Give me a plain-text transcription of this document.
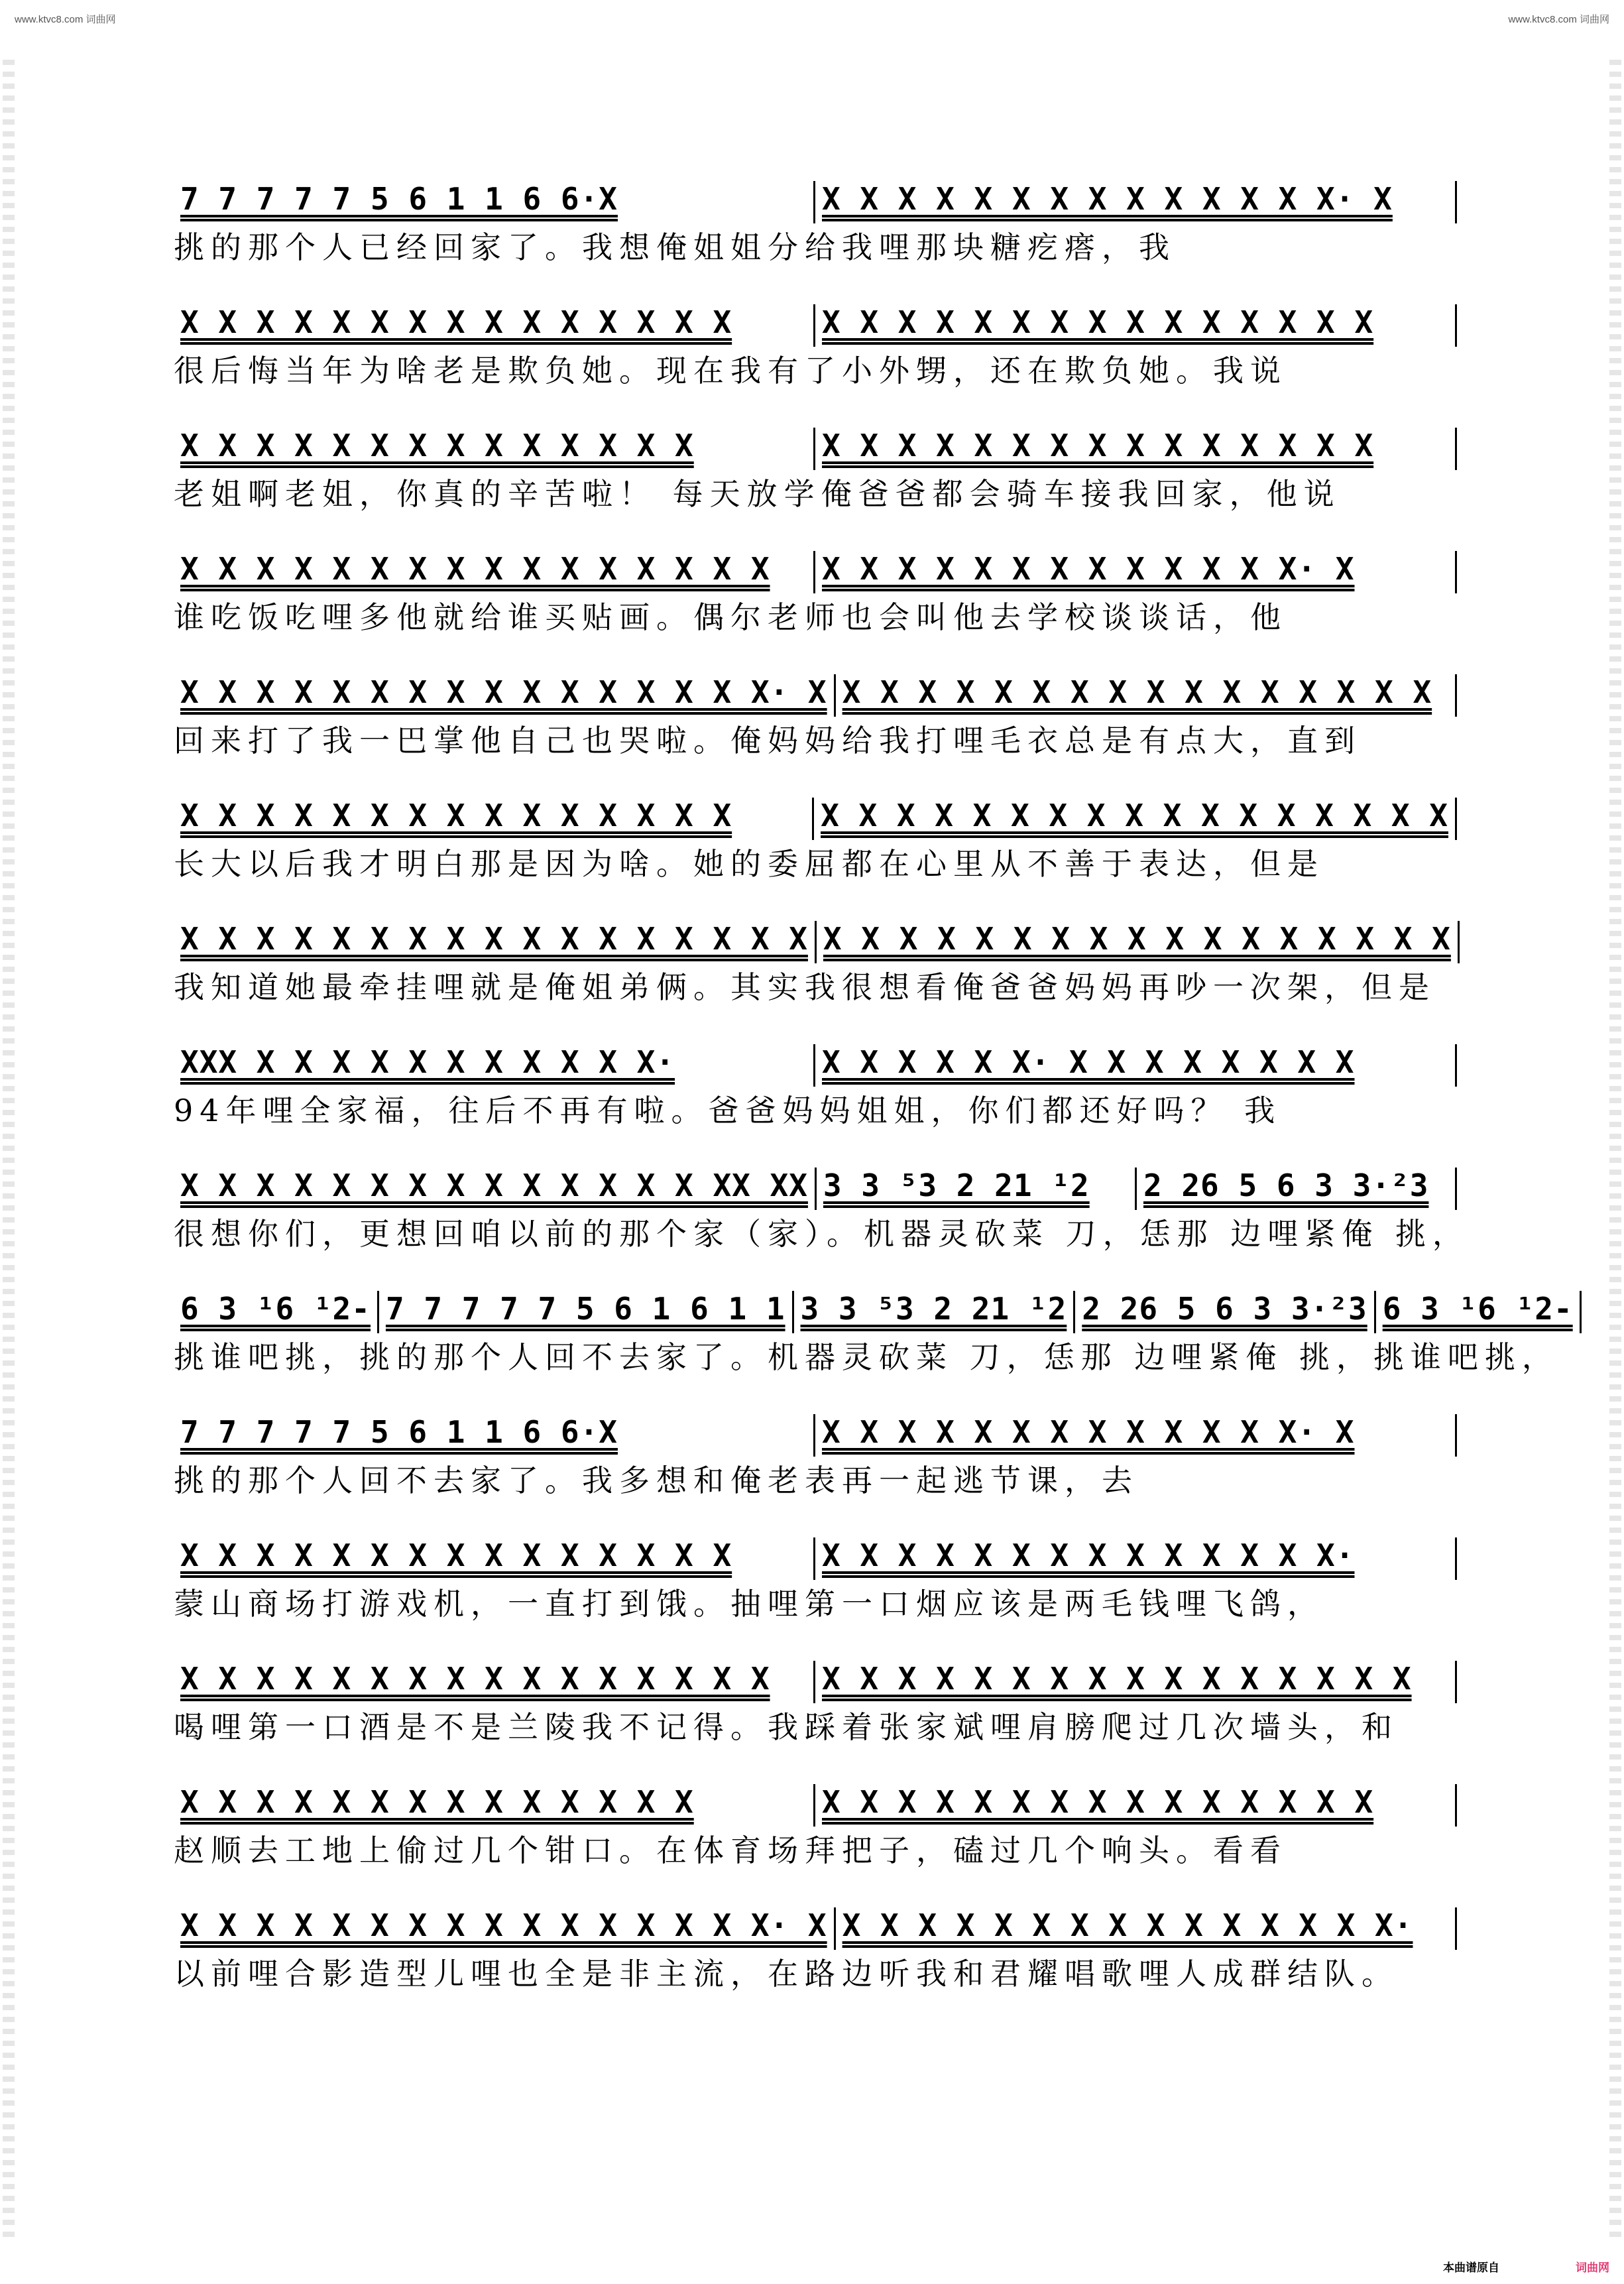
www.ktvc8.com 词曲网	www.ktvc8.com 词曲网
7 7 7 7 7 5 6 1 1 6 6·X	X X X X X X X X X X X X X X· X
挑的那个人已经回家了。我想俺姐姐分给我哩那块糖疙瘩，我
X X X X X X X X X X X X X X X	X X X X X X X X X X X X X X X
很后悔当年为啥老是欺负她。现在我有了小外甥，还在欺负她。我说
X X X X X X X X X X X X X X	X X X X X X X X X X X X X X X
老姐啊老姐，你真的辛苦啦！ 每天放学俺爸爸都会骑车接我回家，他说
X X X X X X X X X X X X X X X X	X X X X X X X X X X X X X· X
谁吃饭吃哩多他就给谁买贴画。偶尔老师也会叫他去学校谈谈话，他
X X X X X X X X X X X X X X X X· X X X X X X X X X X X X X X X X X
回来打了我一巴掌他自己也哭啦。俺妈妈给我打哩毛衣总是有点大，直到
X X X X X X X X X X X X X X X	X X X X X X X X X X X X X X X X X
长大以后我才明白那是因为啥。她的委屈都在心里从不善于表达，但是
X X X X X X X X X X X X X X X X X X X X X X X X X X X X X X X X X X
我知道她最牵挂哩就是俺姐弟俩。其实我很想看俺爸爸妈妈再吵一次架，但是
XXX X X X X X X X X X X X·	X X X X X X· X X X X X X X X
94年哩全家福，往后不再有啦。爸爸妈妈姐姐，你们都还好吗？ 我
X X X X X X X X X X X X X X XX XX 3 3 ⁵3 2 21 ¹2	2 26 5 6 3 3·²3
很想你们，更想回咱以前的那个家（家）。机器灵砍菜 刀，恁那 边哩紧俺 挑，
6 3 ¹6 ¹2- 7 7 7 7 7 5 6 1 6 1 1 3 3 ⁵3 2 21 ¹2 2 26 5 6 3 3·²3 6 3 ¹6 ¹2-
挑谁吧挑，挑的那个人回不去家了。机器灵砍菜 刀，恁那 边哩紧俺 挑，挑谁吧挑，
7 7 7 7 7 5 6 1 1 6 6·X	X X X X X X X X X X X X X· X
挑的那个人回不去家了。我多想和俺老表再一起逃节课，去
X X X X X X X X X X X X X X X	X X X X X X X X X X X X X X·
蒙山商场打游戏机，一直打到饿。抽哩第一口烟应该是两毛钱哩飞鸽，
X X X X X X X X X X X X X X X X	X X X X X X X X X X X X X X X X
喝哩第一口酒是不是兰陵我不记得。我踩着张家斌哩肩膀爬过几次墙头，和
X X X X X X X X X X X X X X	X X X X X X X X X X X X X X X
赵顺去工地上偷过几个钳口。在体育场拜把子，磕过几个响头。看看
X X X X X X X X X X X X X X X X· X X X X X X X X X X X X X X X X·
以前哩合影造型儿哩也全是非主流，在路边听我和君耀唱歌哩人成群结队。
本曲谱原自	词曲网
